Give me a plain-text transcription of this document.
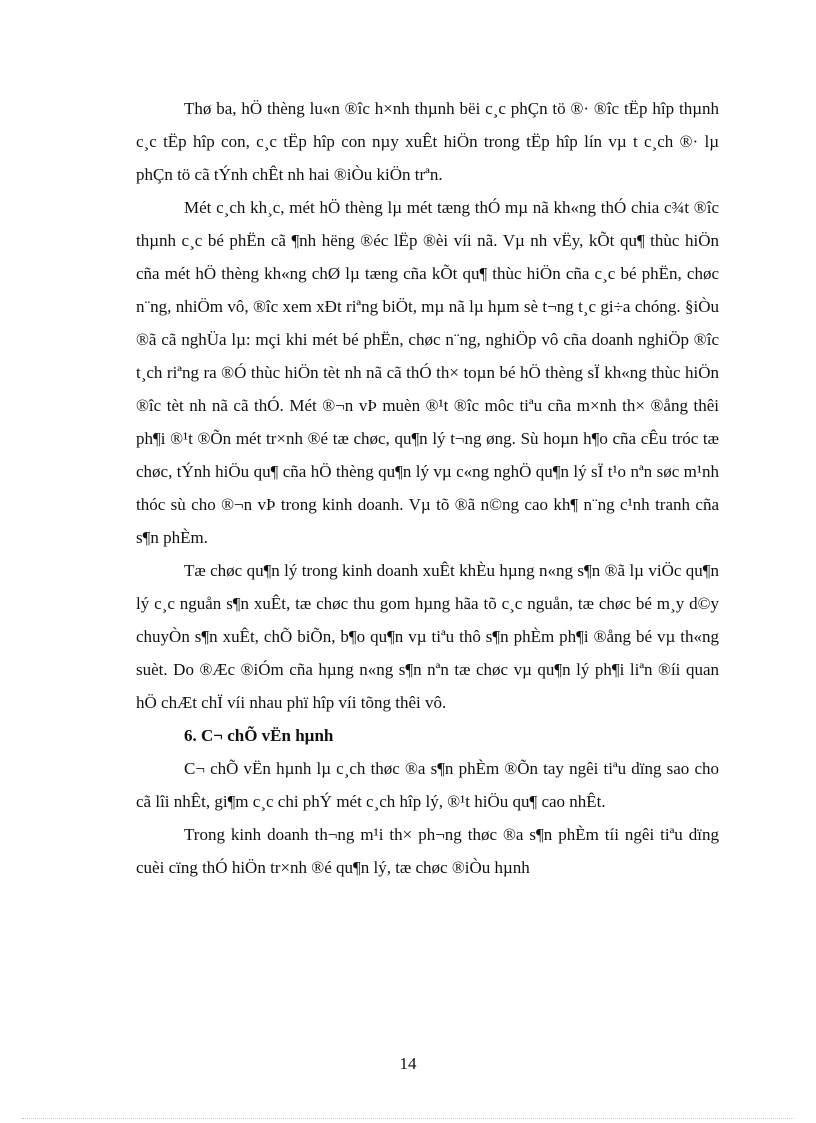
Thø ba, hÖ thèng lu«n ®îc h×nh thµnh bëi c¸c phÇn tö ®· ®îc tËp hîp thµnh c¸c tËp hîp con, c¸c tËp hîp con nµy xuÊt hiÖn trong tËp hîp lín vµ t c¸ch ®· lµ phÇn tö cã tÝnh chÊt nh hai ®iÒu kiÖn trªn.

Mét c¸ch kh¸c, mét hÖ thèng lµ mét tæng thÓ mµ nã kh«ng thÓ chia c¾t ®îc thµnh c¸c bé phËn cã ¶nh hëng ®éc lËp ®èi víi nã. Vµ nh vËy, kÕt qu¶ thùc hiÖn cña mét hÖ thèng kh«ng chØ lµ tæng cña kÕt qu¶ thùc hiÖn cña c¸c bé phËn, chøc n¨ng, nhiÖm vô, ®îc xem xÐt riªng biÖt, mµ nã lµ hµm sè t¬ng t¸c gi÷a chóng. §iÒu ®ã cã nghÜa lµ: mçi khi mét bé phËn, chøc n¨ng, nghiÖp vô cña doanh nghiÖp ®îc t¸ch riªng ra ®Ó thùc hiÖn tèt nh nã cã thÓ th× toµn bé hÖ thèng sÏ kh«ng thùc hiÖn ®îc tèt nh nã cã thÓ. Mét ®¬n vÞ muèn ®¹t ®îc môc tiªu cña m×nh th× ®ång thêi ph¶i ®¹t ®Õn mét tr×nh ®é tæ chøc, qu¶n lý t¬ng øng. Sù hoµn h¶o cña cÊu tróc tæ chøc, tÝnh hiÖu qu¶ cña hÖ thèng qu¶n lý vµ c«ng nghÖ qu¶n lý sÏ t¹o nªn søc m¹nh thóc sù cho ®¬n vÞ trong kinh doanh. Vµ tõ ®ã n©ng cao kh¶ n¨ng c¹nh tranh cña s¶n phÈm.

Tæ chøc qu¶n lý trong kinh doanh xuÊt khÈu hµng n«ng s¶n ®ã lµ viÖc qu¶n lý c¸c nguån s¶n xuÊt, tæ chøc thu gom hµng hãa tõ c¸c nguån, tæ chøc bé m¸y d©y chuyÒn s¶n xuÊt, chÕ biÕn, b¶o qu¶n vµ tiªu thô s¶n phÈm ph¶i ®ång bé vµ th«ng suèt. Do ®Æc ®iÓm cña hµng n«ng s¶n nªn tæ chøc vµ qu¶n lý ph¶i liªn ®íi quan hÖ chÆt chÏ víi nhau phï hîp víi tõng thêi vô.

6. C¬ chÕ vËn hµnh

C¬ chÕ vËn hµnh lµ c¸ch thøc ®a s¶n phÈm ®Õn tay ngêi tiªu dïng sao cho cã lîi nhÊt, gi¶m c¸c chi phÝ mét c¸ch hîp lý, ®¹t hiÖu qu¶ cao nhÊt.

Trong kinh doanh th¬ng m¹i th× ph¬ng thøc ®a s¶n phÈm tíi ngêi tiªu dïng cuèi cïng thÓ hiÖn tr×nh ®é qu¶n lý, tæ chøc ®iÒu hµnh

14
